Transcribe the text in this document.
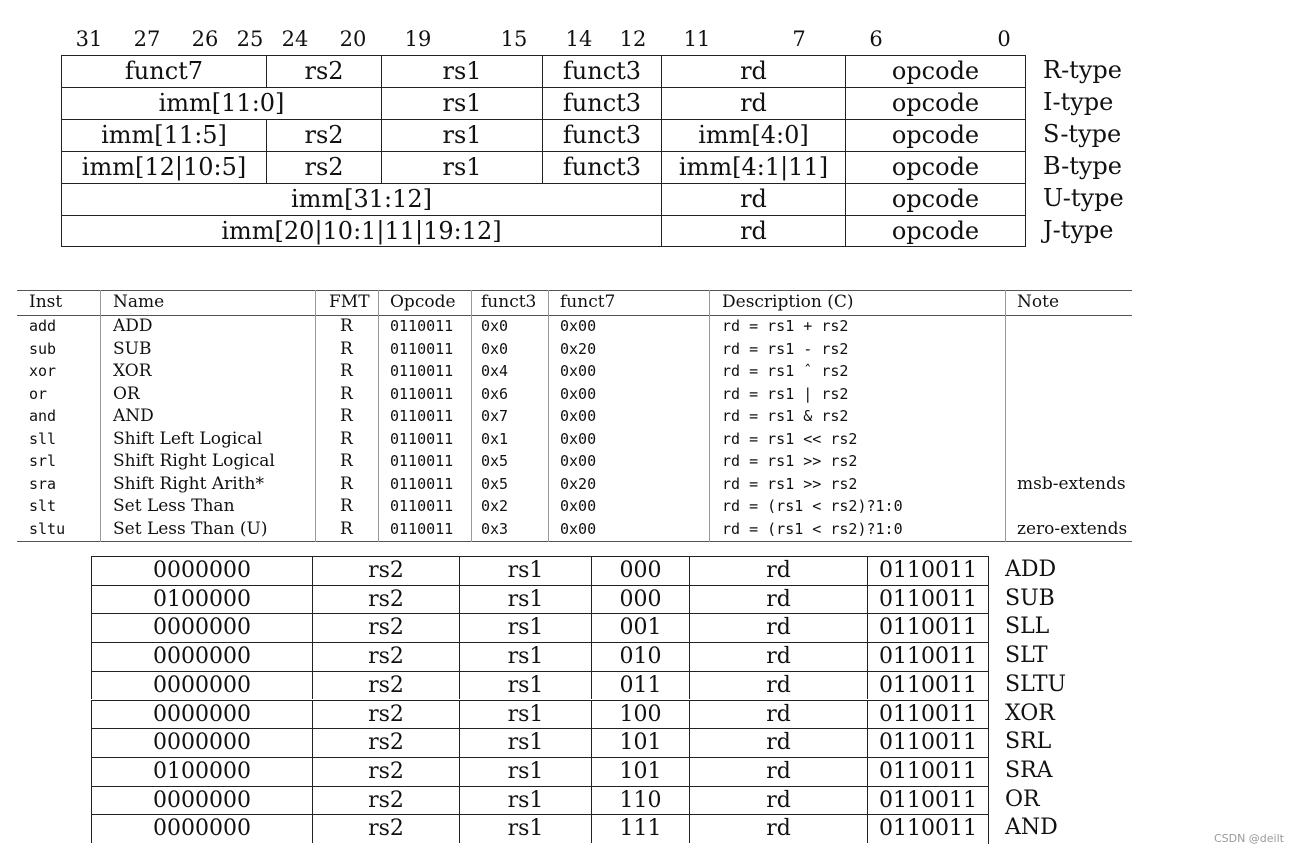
31 27 26 25 24 20 19	15 14 12 11	7	6	0
funct7	rs2	rs1	funct3	rd	opcode	R-type
imm[11:0]	rs1	funct3	rd	opcode	I-type
imm[11:5]	rs2	rs1	funct3	imm[4:0]	opcode	S-type
imm[12|10:5]	rs2	rs1	funct3	imm[4:1|11]	opcode	B-type
imm[31:12]	rd	opcode	U-type
imm[20|10:1|11|19:12]	rd	opcode	J-type
Inst	Name	FMT Opcode funct3 funct7	Description (C)	Note
add	ADD	R 0110011 0x0	0x00	rd = rs1 + rs2
sub	SUB	R 0110011 0x0	0x20	rd = rs1 - rs2
xor	XOR	R 0110011 0x4	0x00	rd = rs1 ˆ rs2
or	OR	R 0110011 0x6	0x00	rd = rs1 | rs2
and	AND	R 0110011 0x7	0x00	rd = rs1 & rs2
sll	Shift Left Logical	R 0110011 0x1	0x00	rd = rs1 << rs2
srl	Shift Right Logical	R 0110011 0x5	0x00	rd = rs1 >> rs2
sra	Shift Right Arith*	R 0110011 0x5	0x20	rd = rs1 >> rs2	msb-extends
slt	Set Less Than	R 0110011 0x2	0x00	rd = (rs1 < rs2)?1:0
sltu	Set Less Than (U)	R 0110011 0x3	0x00	rd = (rs1 < rs2)?1:0	zero-extends
0000000	rs2	rs1	000	rd	0110011	ADD
0100000	rs2	rs1	000	rd	0110011	SUB
0000000	rs2	rs1	001	rd	0110011	SLL
0000000	rs2	rs1	010	rd	0110011	SLT
0000000	rs2	rs1	011	rd	0110011	SLTU
0000000	rs2	rs1	100	rd	0110011	XOR
0000000	rs2	rs1	101	rd	0110011	SRL
0100000	rs2	rs1	101	rd	0110011	SRA
0000000	rs2	rs1	110	rd	0110011	OR
0000000	rs2	rs1	111	rd	0110011	AND	CSDN @deilt
